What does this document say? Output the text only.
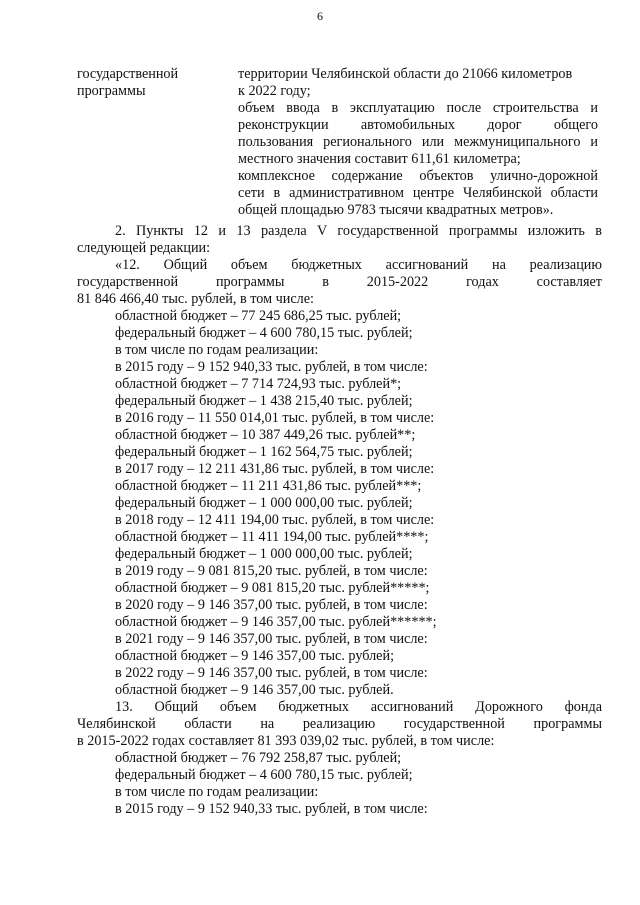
6
государственной
программы
территории Челябинской области до 21066 километров
к 2022 году;
объем ввода в эксплуатацию после строительства и
реконструкции автомобильных дорог общего
пользования регионального или межмуниципального и
местного значения составит 611,61 километра;
комплексное содержание объектов улично-дорожной
сети в административном центре Челябинской области
общей площадью 9783 тысячи квадратных метров».
2. Пункты 12 и 13 раздела V государственной программы изложить в
следующей редакции:
«12. Общий объем бюджетных ассигнований на реализацию
государственной программы в 2015-2022 годах составляет
81 846 466,40 тыс. рублей, в том числе:
областной бюджет – 77 245 686,25 тыс. рублей;
федеральный бюджет – 4 600 780,15 тыс. рублей;
в том числе по годам реализации:
в 2015 году – 9 152 940,33 тыс. рублей, в том числе:
областной бюджет – 7 714 724,93 тыс. рублей*;
федеральный бюджет – 1 438 215,40 тыс. рублей;
в 2016 году – 11 550 014,01 тыс. рублей, в том числе:
областной бюджет – 10 387 449,26 тыс. рублей**;
федеральный бюджет – 1 162 564,75 тыс. рублей;
в 2017 году – 12 211 431,86 тыс. рублей, в том числе:
областной бюджет – 11 211 431,86 тыс. рублей***;
федеральный бюджет – 1 000 000,00 тыс. рублей;
в 2018 году – 12 411 194,00 тыс. рублей, в том числе:
областной бюджет – 11 411 194,00 тыс. рублей****;
федеральный бюджет – 1 000 000,00 тыс. рублей;
в 2019 году – 9 081 815,20 тыс. рублей, в том числе:
областной бюджет – 9 081 815,20 тыс. рублей*****;
в 2020 году – 9 146 357,00 тыс. рублей, в том числе:
областной бюджет – 9 146 357,00 тыс. рублей******;
в 2021 году – 9 146 357,00 тыс. рублей, в том числе:
областной бюджет – 9 146 357,00 тыс. рублей;
в 2022 году – 9 146 357,00 тыс. рублей, в том числе:
областной бюджет – 9 146 357,00 тыс. рублей.
13. Общий объем бюджетных ассигнований Дорожного фонда
Челябинской области на реализацию государственной программы
в 2015-2022 годах составляет 81 393 039,02 тыс. рублей, в том числе:
областной бюджет – 76 792 258,87 тыс. рублей;
федеральный бюджет – 4 600 780,15 тыс. рублей;
в том числе по годам реализации:
в 2015 году – 9 152 940,33 тыс. рублей, в том числе:
